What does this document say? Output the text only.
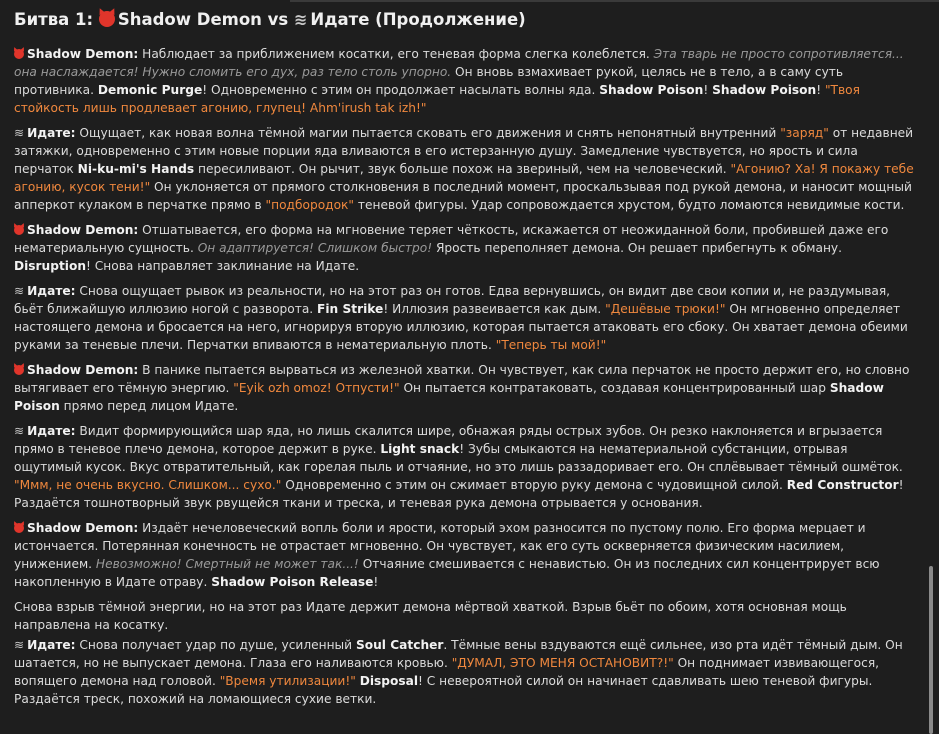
Битва 1: Shadow Demon vs ≋ Идате (Продолжение)
Shadow Demon: Наблюдает за приближением косатки, его теневая форма слегка колеблется. Эта тварь не просто сопротивляется... она наслаждается! Нужно сломить его дух, раз тело столь упорно. Он вновь взмахивает рукой, целясь не в тело, а в саму суть противника. Demonic Purge! Одновременно с этим он продолжает насылать волны яда. Shadow Poison! Shadow Poison! "Твоя стойкость лишь продлевает агонию, глупец! Ahm'irush tak izh!"
≋ Идате: Ощущает, как новая волна тёмной магии пытается сковать его движения и снять непонятный внутренний "заряд" от недавней затяжки, одновременно с этим новые порции яда вливаются в его истерзанную душу. Замедление чувствуется, но ярость и сила перчаток Ni-ku-mi's Hands пересиливают. Он рычит, звук больше похож на звериный, чем на человеческий. "Агонию? Ха! Я покажу тебе агонию, кусок тени!" Он уклоняется от прямого столкновения в последний момент, проскальзывая под рукой демона, и наносит мощный апперкот кулаком в перчатке прямо в "подбородок" теневой фигуры. Удар сопровождается хрустом, будто ломаются невидимые кости.
Shadow Demon: Отшатывается, его форма на мгновение теряет чёткость, искажается от неожиданной боли, пробившей даже его нематериальную сущность. Он адаптируется! Слишком быстро! Ярость переполняет демона. Он решает прибегнуть к обману. Disruption! Снова направляет заклинание на Идате.
≋ Идате: Снова ощущает рывок из реальности, но на этот раз он готов. Едва вернувшись, он видит две свои копии и, не раздумывая, бьёт ближайшую иллюзию ногой с разворота. Fin Strike! Иллюзия развеивается как дым. "Дешёвые трюки!" Он мгновенно определяет настоящего демона и бросается на него, игнорируя вторую иллюзию, которая пытается атаковать его сбоку. Он хватает демона обеими руками за теневые плечи. Перчатки впиваются в нематериальную плоть. "Теперь ты мой!"
Shadow Demon: В панике пытается вырваться из железной хватки. Он чувствует, как сила перчаток не просто держит его, но словно вытягивает его тёмную энергию. "Eyik ozh omoz! Отпусти!" Он пытается контратаковать, создавая концентрированный шар Shadow Poison прямо перед лицом Идате.
≋ Идате: Видит формирующийся шар яда, но лишь скалится шире, обнажая ряды острых зубов. Он резко наклоняется и вгрызается прямо в теневое плечо демона, которое держит в руке. Light snack! Зубы смыкаются на нематериальной субстанции, отрывая ощутимый кусок. Вкус отвратительный, как горелая пыль и отчаяние, но это лишь раззадоривает его. Он сплёвывает тёмный ошмёток. "Ммм, не очень вкусно. Слишком... сухо." Одновременно с этим он сжимает вторую руку демона с чудовищной силой. Red Constructor! Раздаётся тошнотворный звук рвущейся ткани и треска, и теневая рука демона отрывается у основания.
Shadow Demon: Издаёт нечеловеческий вопль боли и ярости, который эхом разносится по пустому полю. Его форма мерцает и истончается. Потерянная конечность не отрастает мгновенно. Он чувствует, как его суть оскверняется физическим насилием, унижением. Невозможно! Смертный не может так...! Отчаяние смешивается с ненавистью. Он из последних сил концентрирует всю накопленную в Идате отраву. Shadow Poison Release!
Снова взрыв тёмной энергии, но на этот раз Идате держит демона мёртвой хваткой. Взрыв бьёт по обоим, хотя основная мощь направлена на косатку.
≋ Идате: Снова получает удар по душе, усиленный Soul Catcher. Тёмные вены вздуваются ещё сильнее, изо рта идёт тёмный дым. Он шатается, но не выпускает демона. Глаза его наливаются кровью. "ДУМАЛ, ЭТО МЕНЯ ОСТАНОВИТ?!" Он поднимает извивающегося, вопящего демона над головой. "Время утилизации!" Disposal! С невероятной силой он начинает сдавливать шею теневой фигуры. Раздаётся треск, похожий на ломающиеся сухие ветки.
